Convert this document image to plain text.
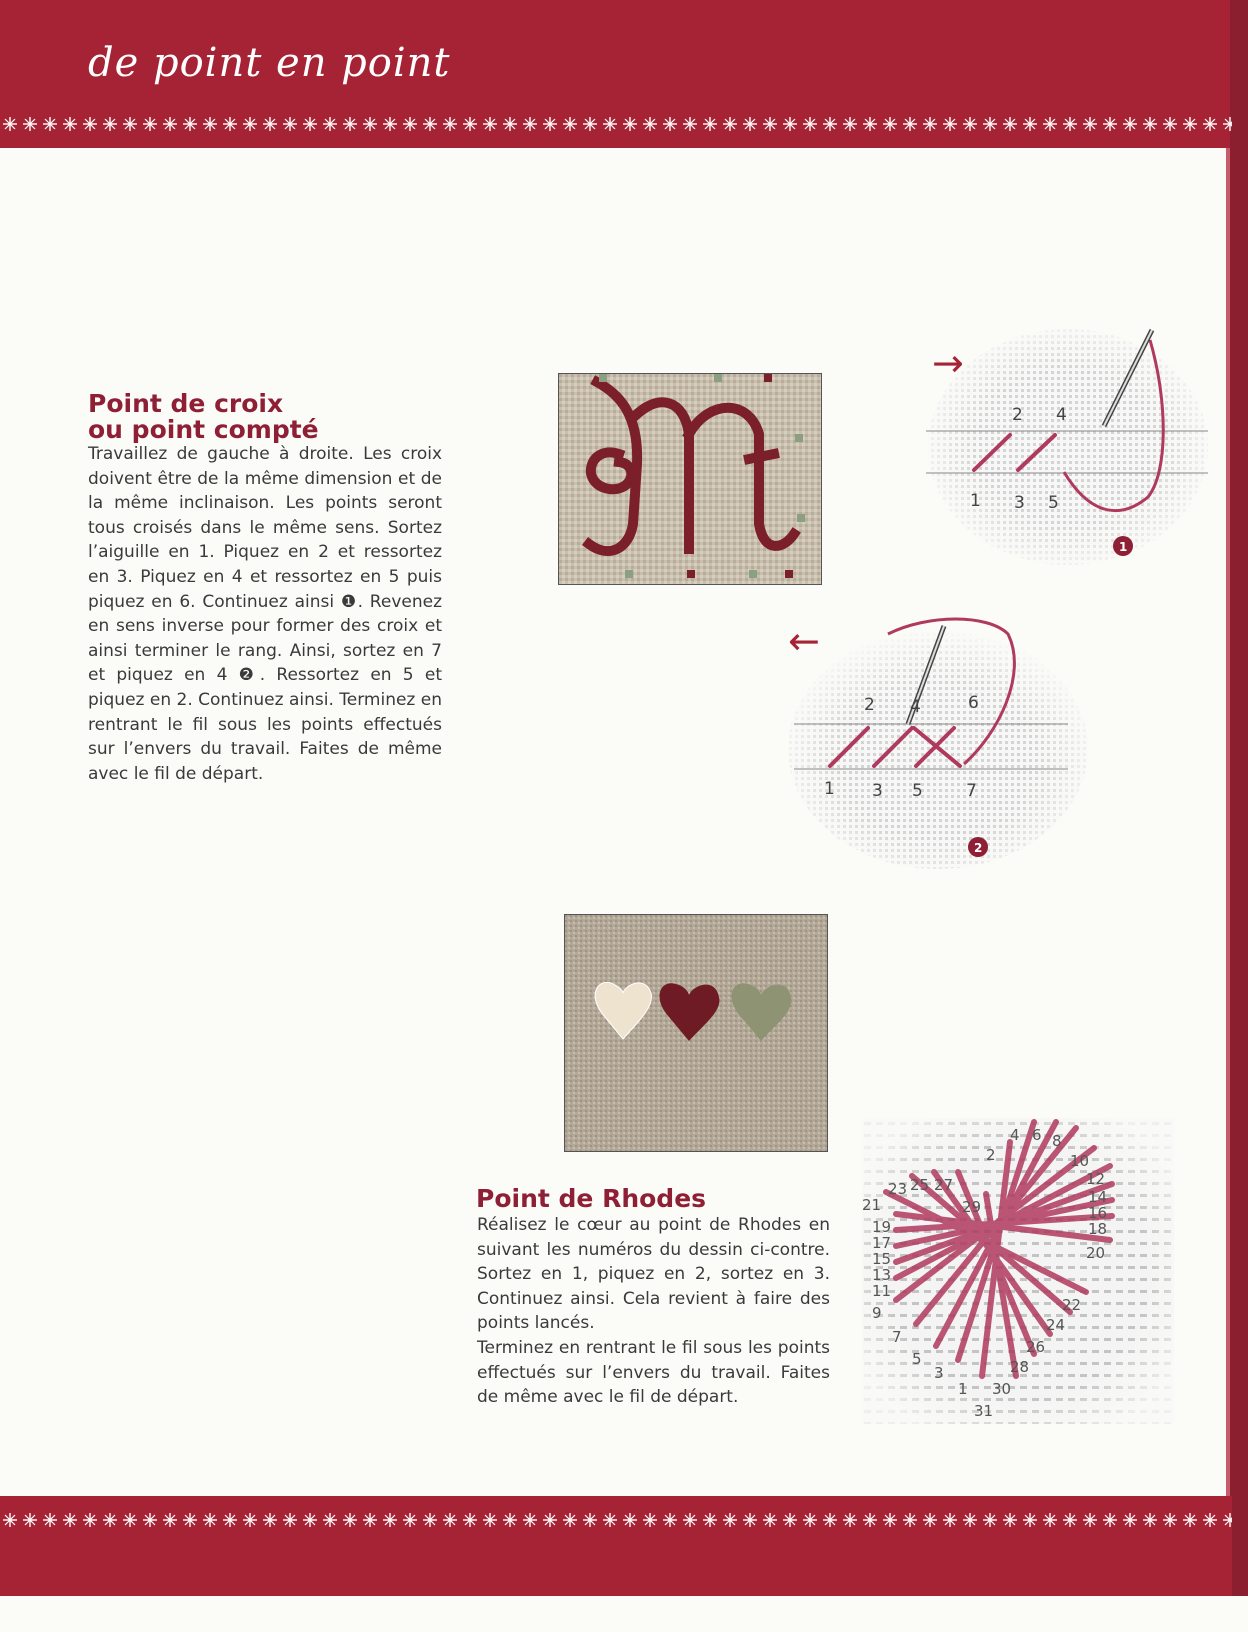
de point en point
Point de croix
ou point compté

Travaillez de gauche à droite. Les croix doivent être de la même dimension et de la même inclinaison. Les points seront tous croisés dans le même sens. Sortez l’aiguille en 1. Piquez en 2 et ressortez en 3. Piquez en 4 et ressortez en 5 puis piquez en 6. Continuez ainsi ❶. Revenez en sens inverse pour former des croix et ainsi terminer le rang. Ainsi, sortez en 7 et piquez en 4 ❷. Ressortez en 5 et piquez en 2. Continuez ainsi. Terminez en rentrant le fil sous les points effectués sur l’envers du travail. Faites de même avec le fil de départ.

2 4
1 3 5
→
1
2 4	6
1 3 5	7
←
2
Point de Rhodes

Réalisez le cœur au point de Rhodes en suivant les numéros du dessin ci-contre. Sortez en 1, piquez en 2, sortez en 3. Continuez ainsi. Cela revient à faire des points lancés.

Terminez en rentrant le fil sous les points effectués sur l’envers du travail. Faites de même avec le fil de départ.	1
2
3
4
5
6
7
8
9
10
11
12
13
14
15
16
17
18
19
20
21
22
23
24
25
26
27
28
29
30
31
